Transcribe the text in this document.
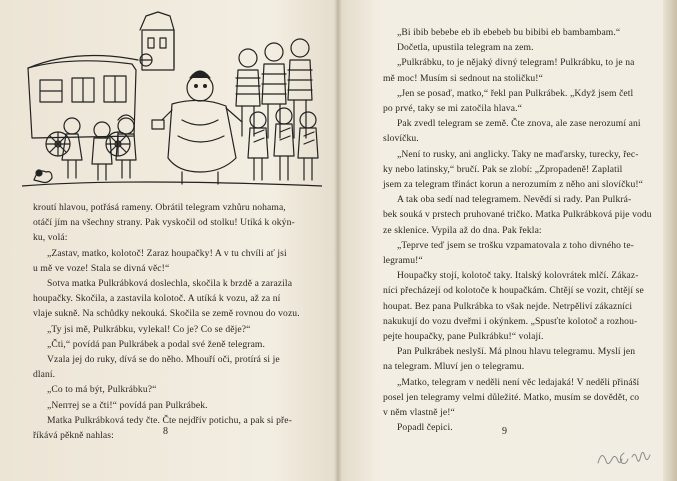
kroutí hlavou, potřásá rameny. Obrátil telegram vzhůru nohama,

otáčí jím na všechny strany. Pak vyskočil od stolku! Utíká k okýn-

ku, volá:

„Zastav, matko, kolotoč! Zaraz houpačky! A v tu chvíli ať jsi

u mě ve voze! Stala se divná věc!“

Sotva matka Pulkrábková doslechla, skočila k brzdě a zarazila

houpačky. Skočila, a zastavila kolotoč. A utíká k vozu, až za ní

vlaje sukně. Na schůdky nekouká. Skočila se země rovnou do vozu.

„Ty jsi mě, Pulkrábku, vylekal! Co je? Co se děje?“

„Čti,“ povídá pan Pulkrábek a podal své ženě telegram.

Vzala jej do ruky, dívá se do něho. Mhouří oči, protírá si je

dlaní.

„Co to má být, Pulkrábku?“

„Nептej se a čti!“ povídá pan Pulkrábek.

Matka Pulkrábková tedy čte. Čte nejdřív potichu, a pak si pře-

říkává pěkně nahlas:	8

„Bi ibib bebebe eb ib ebebeb bu bibibi eb bambambam.“

Dočetla, upustila telegram na zem.

„Pulkrábku, to je nějaký divný telegram! Pulkrábku, to je na

mě moc! Musím si sednout na stoličku!“

„Jen se posaď, matko,“ řekl pan Pulkrábek. „Když jsem četl

po prvé, taky se mi zatočila hlava.“

Pak zvedl telegram se země. Čte znova, ale zase nerozumí ani

slovíčku.

„Není to rusky, ani anglicky. Taky ne maďarsky, turecky, řec-

ky nebo latinsky,“ bručí. Pak se zlobí: „Zpropadeně! Zaplatil

jsem za telegram třináct korun a nerozumím z něho ani slovíčku!“

A tak oba sedí nad telegramem. Nevědí si rady. Pan Pulkrá-

bek souká v prstech pruhované tričko. Matka Pulkrábková pije vodu

ze sklenice. Vypila až do dna. Pak řekla:

„Teprve teď jsem se trošku vzpamatovala z toho divného te-

legramu!“

Houpačky stojí, kolotoč taky. Italský kolovrátek mlčí. Zákaz-

níci přecházejí od kolotoče k houpačkám. Chtějí se vozit, chtějí se

houpat. Bez pana Pulkrábka to však nejde. Netrpěliví zákazníci

nakukují do vozu dveřmi i okýnkem. „Spusťte kolotoč a rozhou-

pejte houpačky, pane Pulkrábku!“ volají.

Pan Pulkrábek neslyší. Má plnou hlavu telegramu. Myslí jen

na telegram. Mluví jen o telegramu.

„Matko, telegram v neděli není věc ledajaká! V neděli přináší

posel jen telegramy velmi důležité. Matko, musím se dovědět, co

v něm vlastně je!“

Popadl čepici.	9
